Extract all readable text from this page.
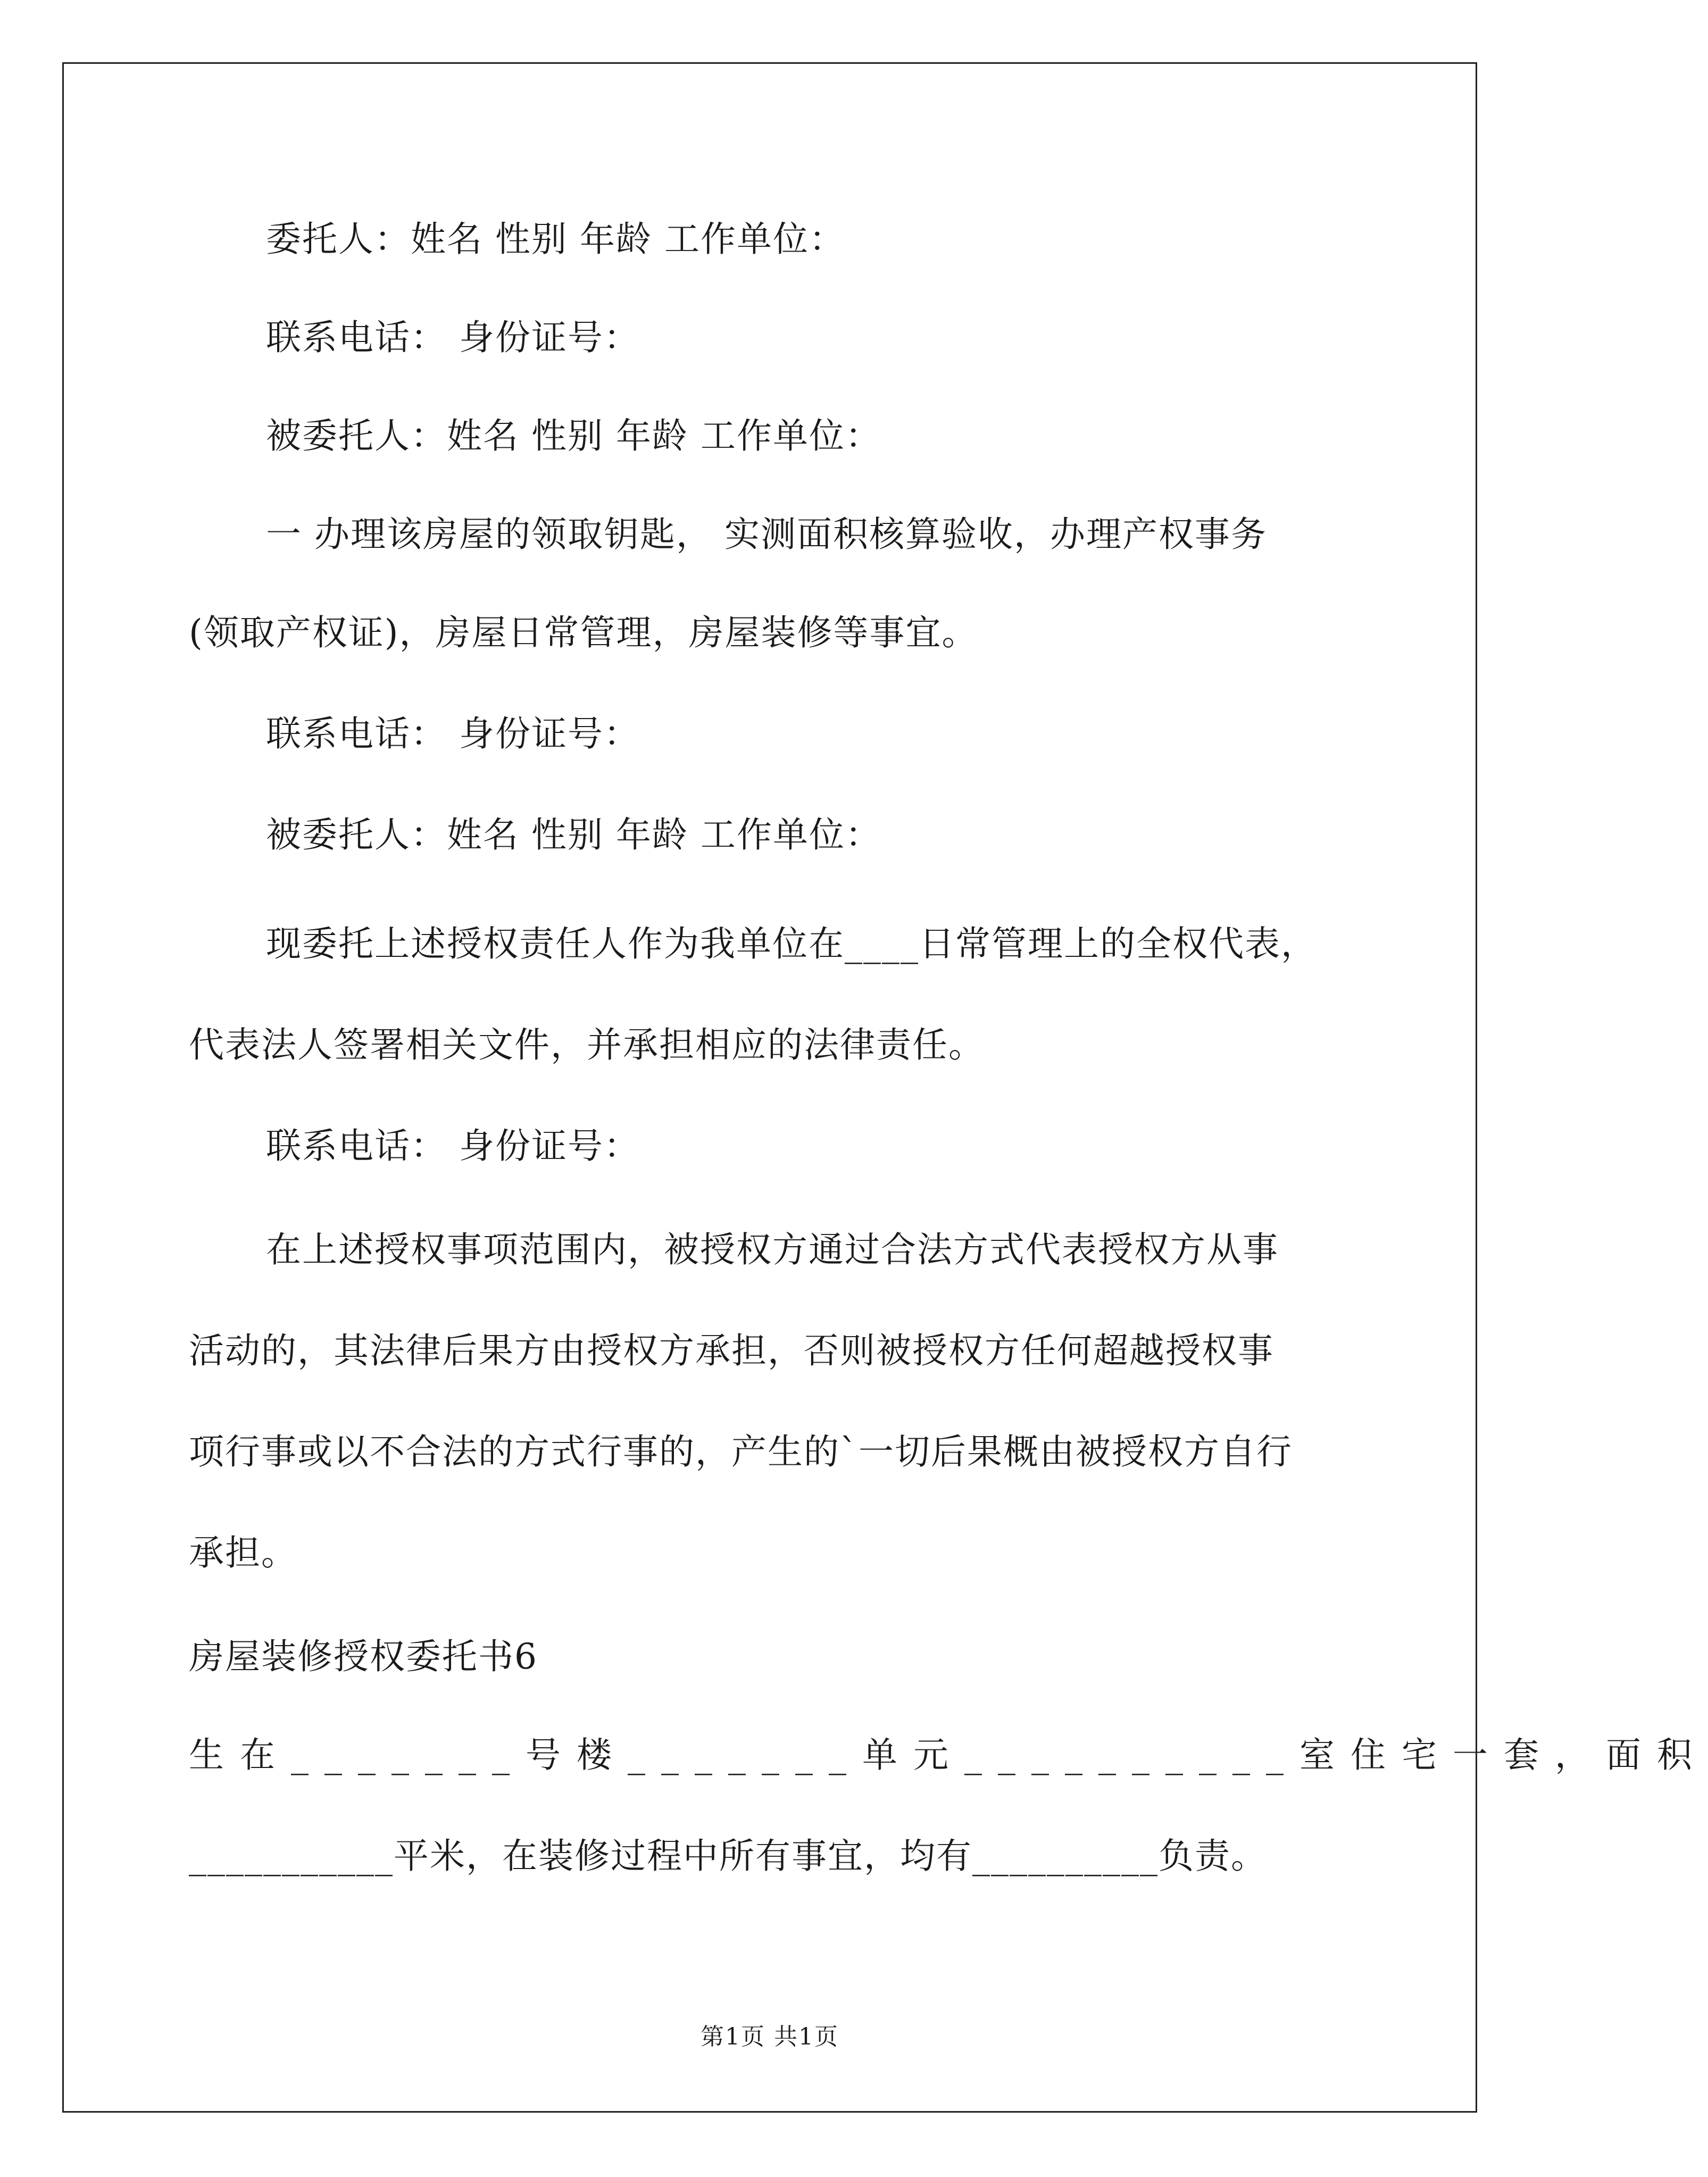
委托人：姓名 性别 年龄 工作单位：
联系电话： 身份证号：
被委托人：姓名 性别 年龄 工作单位：
一 办理该房屋的领取钥匙， 实测面积核算验收，办理产权事务
(领取产权证)，房屋日常管理，房屋装修等事宜。
联系电话： 身份证号：
被委托人：姓名 性别 年龄 工作单位：
现委托上述授权责任人作为我单位在____日常管理上的全权代表，
代表法人签署相关文件，并承担相应的法律责任。
联系电话： 身份证号：
在上述授权事项范围内，被授权方通过合法方式代表授权方从事
活动的，其法律后果方由授权方承担，否则被授权方任何超越授权事
项行事或以不合法的方式行事的，产生的`一切后果概由被授权方自行
承担。
房屋装修授权委托书6
生在_______号楼_______单元__________室住宅一套，面积
___________平米，在装修过程中所有事宜，均有__________负责。
第1页 共1页
